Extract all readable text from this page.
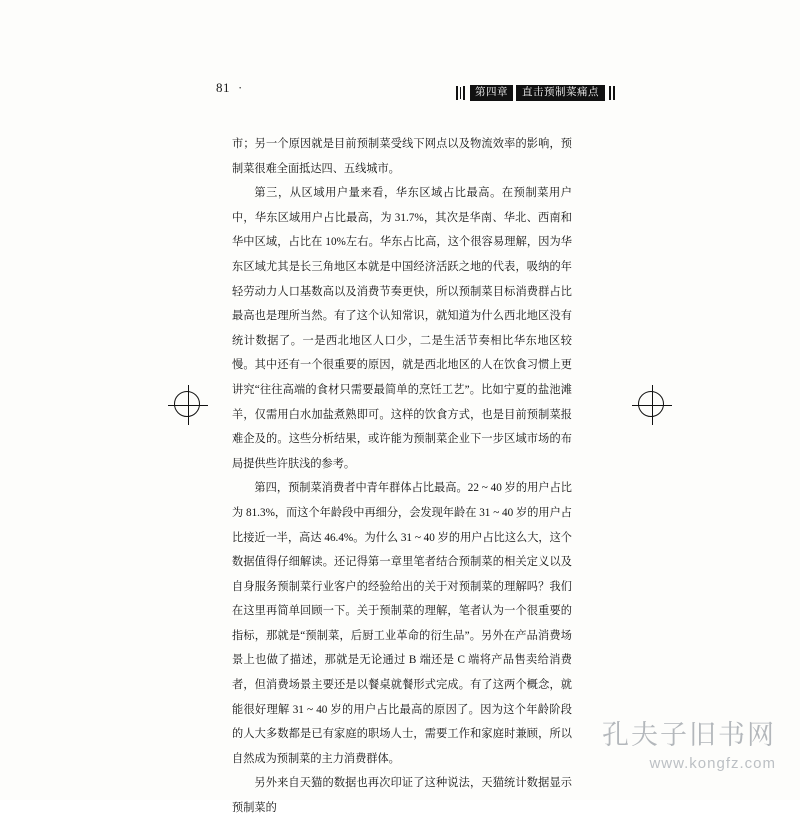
81 ·	第四章	直击预制菜痛点

市；另一个原因就是目前预制菜受线下网点以及物流效率的影响，预制菜很难全面抵达四、五线城市。

第三，从区域用户量来看，华东区域占比最高。在预制菜用户中，华东区域用户占比最高，为 31.7%，其次是华南、华北、西南和华中区域，占比在 10%左右。华东占比高，这个很容易理解，因为华东区域尤其是长三角地区本就是中国经济活跃之地的代表，吸纳的年轻劳动力人口基数高以及消费节奏更快，所以预制菜目标消费群占比最高也是理所当然。有了这个认知常识，就知道为什么西北地区没有统计数据了。一是西北地区人口少，二是生活节奏相比华东地区较慢。其中还有一个很重要的原因，就是西北地区的人在饮食习惯上更讲究“往往高端的食材只需要最简单的烹饪工艺”。比如宁夏的盐池滩羊，仅需用白水加盐煮熟即可。这样的饮食方式，也是目前预制菜报难企及的。这些分析结果，或许能为预制菜企业下一步区域市场的布局提供些许肤浅的参考。

第四，预制菜消费者中青年群体占比最高。22 ~ 40 岁的用户占比为 81.3%，而这个年龄段中再细分，会发现年龄在 31 ~ 40 岁的用户占比接近一半，高达 46.4%。为什么 31 ~ 40 岁的用户占比这么大，这个数据值得仔细解读。还记得第一章里笔者结合预制菜的相关定义以及自身服务预制菜行业客户的经验给出的关于对预制菜的理解吗？我们在这里再简单回顾一下。关于预制菜的理解，笔者认为一个很重要的指标，那就是“预制菜，后厨工业革命的衍生品”。另外在产品消费场景上也做了描述，那就是无论通过 B 端还是 C 端将产品售卖给消费者，但消费场景主要还是以餐桌就餐形式完成。有了这两个概念，就能很好理解 31 ~ 40 岁的用户占比最高的原因了。因为这个年龄阶段的人大多数都是已有家庭的职场人士，需要工作和家庭时兼顾，所以自然成为预制菜的主力消费群体。

另外来自天猫的数据也再次印证了这种说法，天猫统计数据显示预制菜的

孔夫子旧书网
www.kongfz.com
